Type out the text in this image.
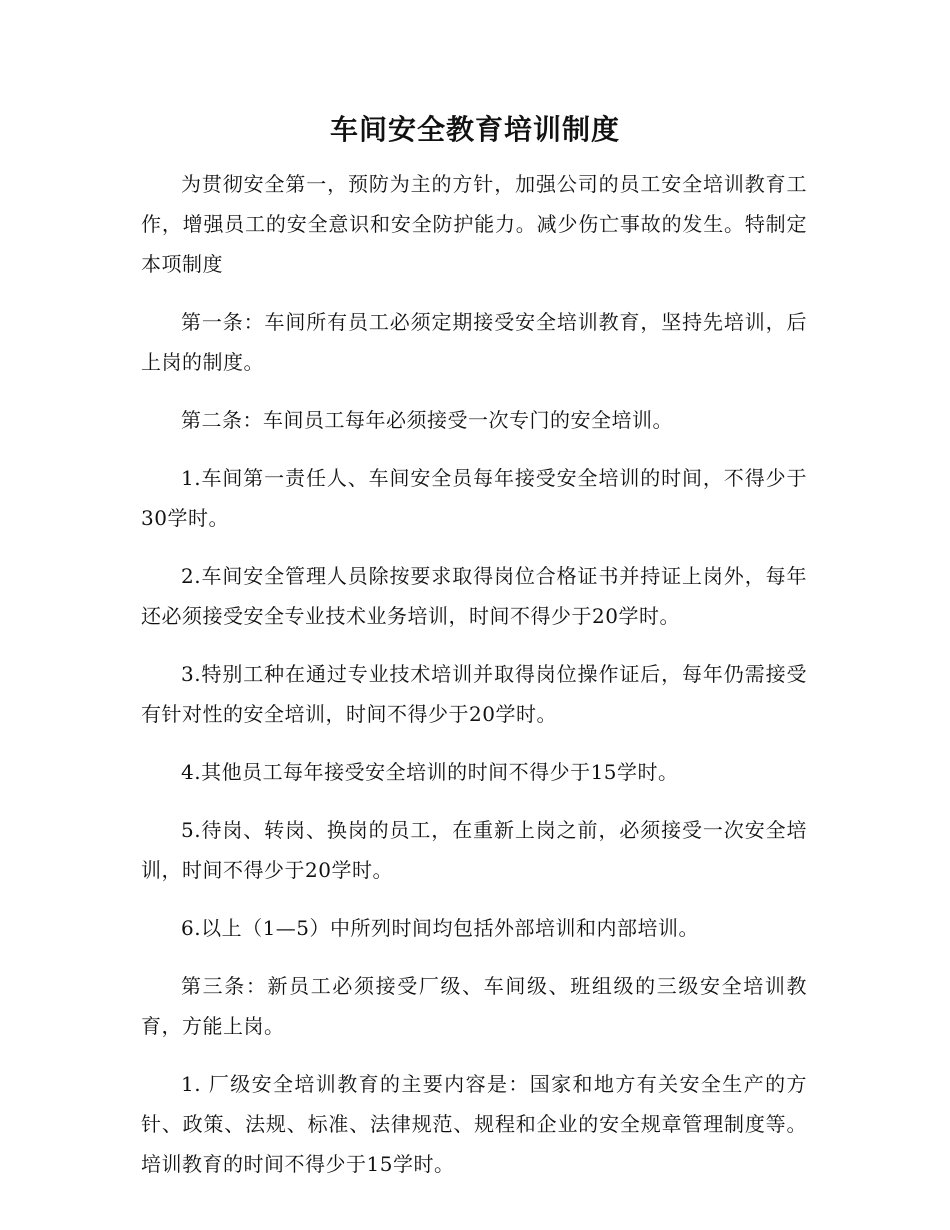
车间安全教育培训制度

为贯彻安全第一，预防为主的方针，加强公司的员工安全培训教育工作，增强员工的安全意识和安全防护能力。减少伤亡事故的发生。特制定本项制度

第一条：车间所有员工必须定期接受安全培训教育，坚持先培训，后上岗的制度。

第二条：车间员工每年必须接受一次专门的安全培训。

1.车间第一责任人、车间安全员每年接受安全培训的时间，不得少于30学时。

2.车间安全管理人员除按要求取得岗位合格证书并持证上岗外，每年还必须接受安全专业技术业务培训，时间不得少于20学时。

3.特别工种在通过专业技术培训并取得岗位操作证后，每年仍需接受有针对性的安全培训，时间不得少于20学时。

4.其他员工每年接受安全培训的时间不得少于15学时。

5.待岗、转岗、换岗的员工，在重新上岗之前，必须接受一次安全培训，时间不得少于20学时。

6.以上（1—5）中所列时间均包括外部培训和内部培训。

第三条：新员工必须接受厂级、车间级、班组级的三级安全培训教育，方能上岗。

1. 厂级安全培训教育的主要内容是：国家和地方有关安全生产的方针、政策、法规、标准、法律规范、规程和企业的安全规章管理制度等。培训教育的时间不得少于15学时。
